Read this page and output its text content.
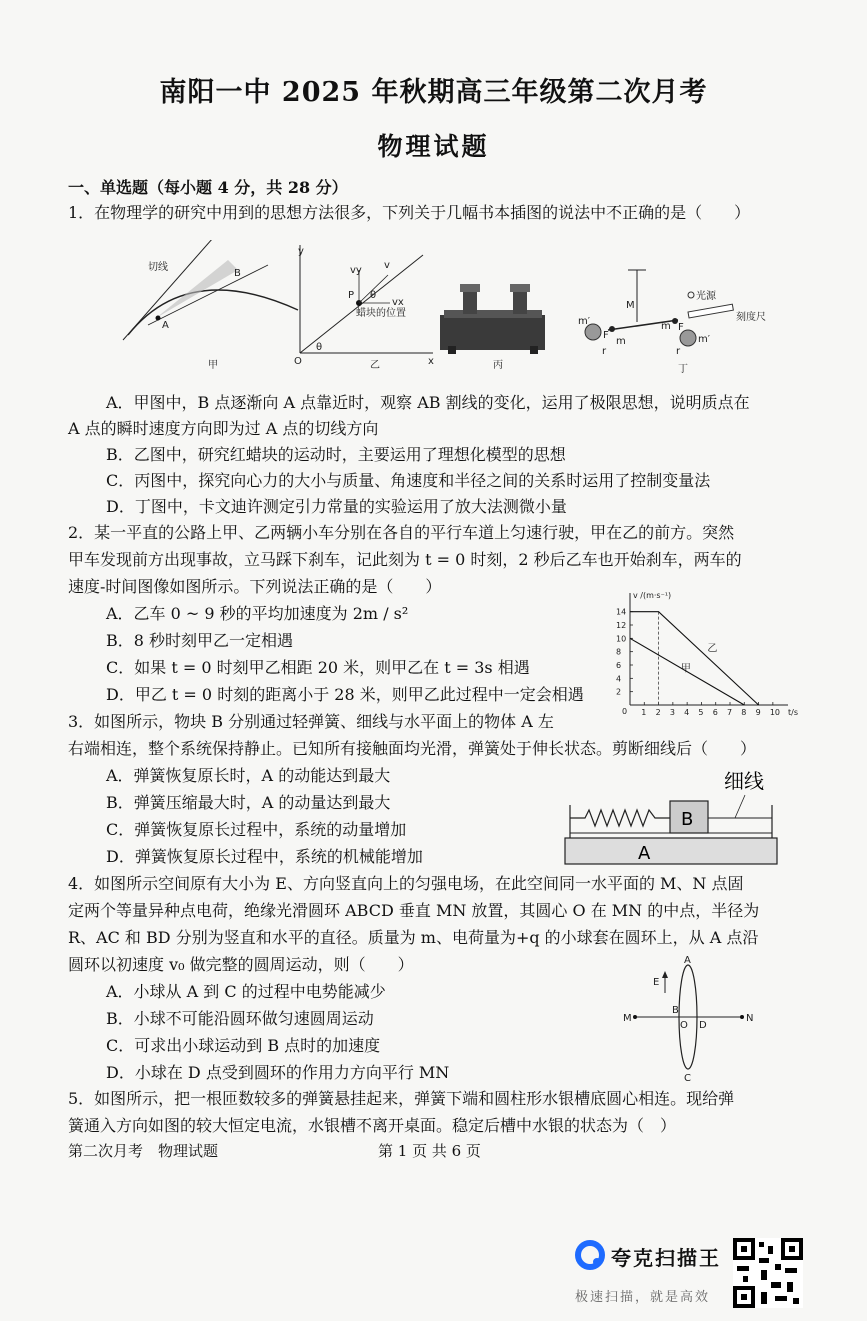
南阳一中 2025 年秋期高三年级第二次月考
物理试题
一、单选题（每小题 4 分，共 28 分）
1．在物理学的研究中用到的思想方法很多，下列关于几幅书本插图的说法中不正确的是（　　）
切线
A
B
甲
y
x
O
vy v
vx
P θ
θ
蜡块的位置
乙	丙
光源
刻度尺
M
m′
m′
m
m
F
F
r	r
丁
A．甲图中，B 点逐渐向 A 点靠近时，观察 AB 割线的变化，运用了极限思想，说明质点在
A 点的瞬时速度方向即为过 A 点的切线方向
B．乙图中，研究红蜡块的运动时，主要运用了理想化模型的思想
C．丙图中，探究向心力的大小与质量、角速度和半径之间的关系时运用了控制变量法
D．丁图中，卡文迪许测定引力常量的实验运用了放大法测微小量
2．某一平直的公路上甲、乙两辆小车分别在各自的平行车道上匀速行驶，甲在乙的前方。突然
甲车发现前方出现事故，立马踩下刹车，记此刻为 t = 0 时刻，2 秒后乙车也开始刹车，两车的
速度-时间图像如图所示。下列说法正确的是（　　）
A．乙车 0 ~ 9 秒的平均加速度为 2m / s²
B．8 秒时刻甲乙一定相遇
C．如果 t = 0 时刻甲乙相距 20 米，则甲乙在 t = 3s 相遇
D．甲乙 t = 0 时刻的距离小于 28 米，则甲乙此过程中一定会相遇
v /(m·s⁻¹)
t/s
0 1 2 3 4 5 6 7 8 9 10
2
4
6
8
10
12
14
乙
甲
3．如图所示，物块 B 分别通过轻弹簧、细线与水平面上的物体 A 左
右端相连，整个系统保持静止。已知所有接触面均光滑，弹簧处于伸长状态。剪断细线后（　　）
A．弹簧恢复原长时，A 的动能达到最大
B．弹簧压缩最大时，A 的动量达到最大
C．弹簧恢复原长过程中，系统的动量增加
D．弹簧恢复原长过程中，系统的机械能增加
细线
B
A
4．如图所示空间原有大小为 E、方向竖直向上的匀强电场，在此空间同一水平面的 M、N 点固
定两个等量异种点电荷，绝缘光滑圆环 ABCD 垂直 MN 放置，其圆心 O 在 MN 的中点，半径为
R、AC 和 BD 分别为竖直和水平的直径。质量为 m、电荷量为+q 的小球套在圆环上，从 A 点沿
圆环以初速度 v₀ 做完整的圆周运动，则（　　）
A．小球从 A 到 C 的过程中电势能减少
B．小球不可能沿圆环做匀速圆周运动
C．可求出小球运动到 B 点时的加速度
D．小球在 D 点受到圆环的作用力方向平行 MN
E
A
B
C
D
O
M	N
5．如图所示，把一根匝数较多的弹簧悬挂起来，弹簧下端和圆柱形水银槽底圆心相连。现给弹
簧通入方向如图的较大恒定电流，水银槽不离开桌面。稳定后槽中水银的状态为（　）
第二次月考　物理试题	第 1 页 共 6 页
夸克扫描王
极速扫描，就是高效
